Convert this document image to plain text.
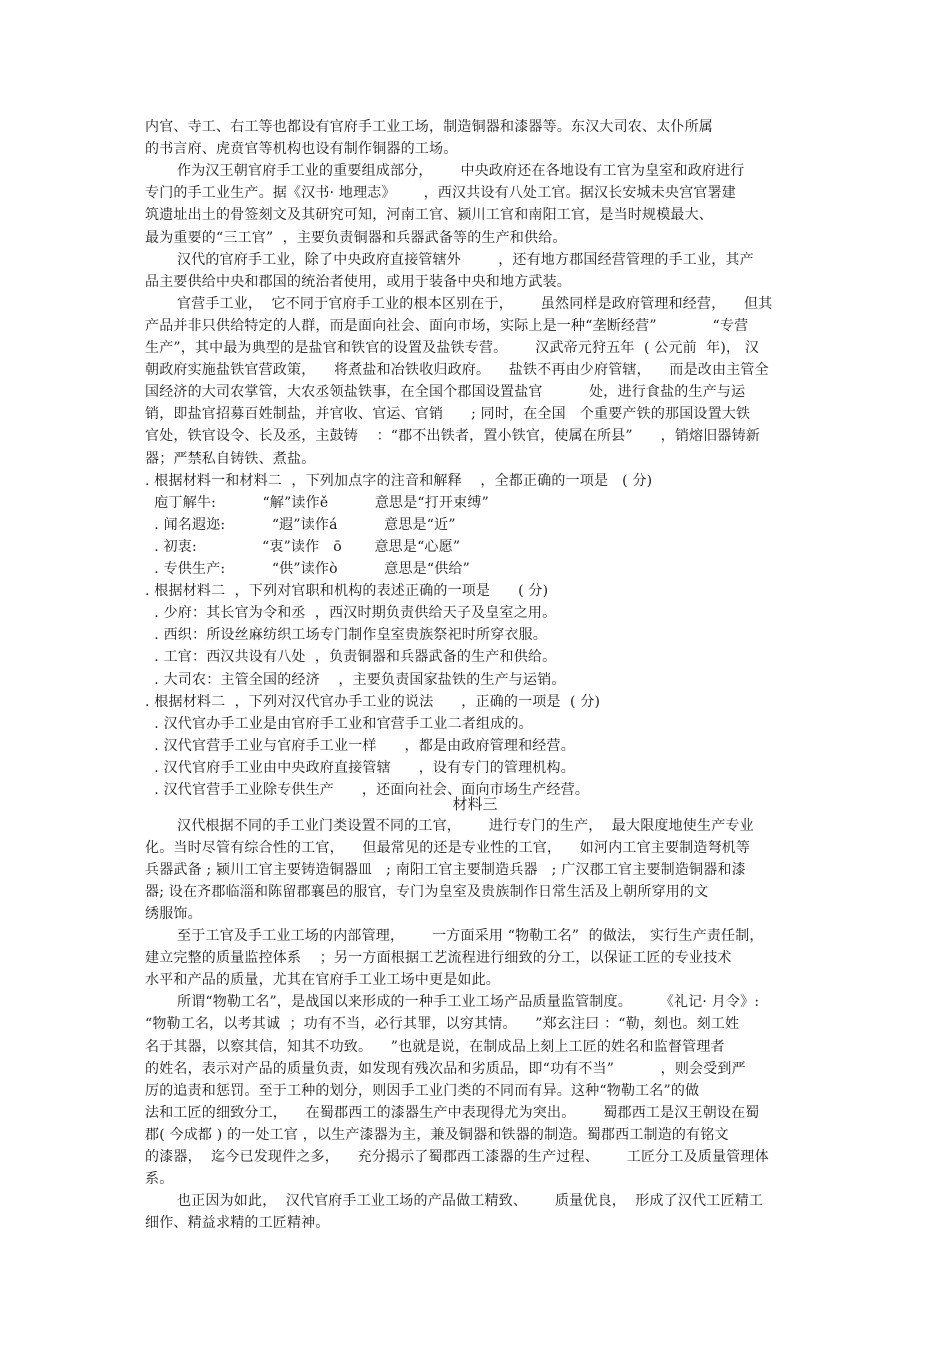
内官、寺工、右工等也都设有官府手工业工场，制造铜器和漆器等。东汉大司农、太仆所属
的书言府、虎贲官等机构也设有制作铜器的工场。
作为汉王朝官府手工业的重要组成部分，      中央政府还在各地设有工官为皇室和政府进行
专门的手工业生产。据《汉书· 地理志》      ，西汉共设有八处工官。据汉长安城未央宫官署建
筑遗址出土的骨签刻文及其研究可知，河南工官、颍川工官和南阳工官，是当时规模最大、
最为重要的“三工官”  ，主要负责铜器和兵器武备等的生产和供给。
汉代的官府手工业，除了中央政府直接管辖外        ，还有地方郡国经营管理的手工业，其产
品主要供给中央和郡国的统治者使用，或用于装备中央和地方武装。
官营手工业，  它不同于官府手工业的根本区别在于，      虽然同样是政府管理和经营，    但其
产品并非只供给特定的人群，而是面向社会、面向市场，实际上是一种“垄断经营”            “专营
生产”，其中最为典型的是盐官和铁官的设置及盐铁专营。      汉武帝元狩五年  ( 公元前  年)， 汉
朝政府实施盐铁官营政策，    将煮盐和冶铁收归政府。    盐铁不再由少府管辖，    而是改由主管全
国经济的大司农掌管，大农丞领盐铁事，在全国个郡国设置盐官          处，进行食盐的生产与运
销，即盐官招募百姓制盐，并官收、官运、官销      ; 同时，在全国   个重要产铁的那国设置大铁
官处，铁官设令、长及丞，主鼓铸    ：“郡不出铁者，置小铁官，使属在所县”      ，销熔旧器铸新
器；严禁私自铸铁、煮盐。
. 根据材料一和材料二  ，下列加点字的注音和解释    ，全都正确的一项是   ( 分)
庖丁解牛:          “解”读作ě          意思是“打开束缚”
. 闻名遐迩:          “遐”读作á          意思是“近”
. 初衷:              “衷”读作   ō       意思是“心愿”
. 专供生产:          “供”读作ò          意思是“供给”
. 根据材料二  ，下列对官职和机构的表述正确的一项是      ( 分)
. 少府：其长官为令和丞  ，西汉时期负责供给天子及皇室之用。
. 西织：所设丝麻纺织工场专门制作皇室贵族祭祀时所穿衣服。
. 工官：西汉共设有八处  ，负责铜器和兵器武备的生产和供给。
. 大司农：主管全国的经济    ，主要负责国家盐铁的生产与运销。
. 根据材料二  ，下列对汉代官办手工业的说法      ，正确的一项是  ( 分)
. 汉代官办手工业是由官府手工业和官营手工业二者组成的。
. 汉代官营手工业与官府手工业一样      ，都是由政府管理和经营。
. 汉代官府手工业由中央政府直接管辖      ，设有专门的管理机构。
. 汉代官营手工业除专供生产      ，还面向社会、面向市场生产经营。
材料三
汉代根据不同的手工业门类设置不同的工官，      进行专门的生产，  最大限度地使生产专业
化。当时尽管有综合性的工官，    但最常见的还是专业性的工官，    如河内工官主要制造弩机等
兵器武备 ; 颍川工官主要铸造铜器皿   ; 南阳工官主要制造兵器   ; 广汉郡工官主要制造铜器和漆
器; 设在齐郡临淄和陈留郡襄邑的服官，专门为皇室及贵族制作日常生活及上朝所穿用的文
绣服饰。
至于工官及手工业工场的内部管理，      一方面采用 “物勒工名”  的做法， 实行生产责任制，
建立完整的质量监控体系    ；另一方面根据工艺流程进行细致的分工，以保证工匠的专业技术
水平和产品的质量，尤其在官府手工业工场中更是如此。
所谓“物勒工名”，是战国以来形成的一种手工业工场产品质量监管制度。      《礼记· 月令》:
“物勒工名，以考其诚  ；功有不当，必行其罪，以穷其情。    ”郑玄注曰 ：“勒，刻也。刻工姓
名于其器，以察其信，知其不功致。    ”也就是说，在制成品上刻上工匠的姓名和监督管理者
的姓名，表示对产品的质量负责，如发现有残次品和劣质品，即“功有不当”          ，则会受到严
厉的追责和惩罚。至于工种的划分，则因手工业门类的不同而有异。这种“物勒工名”的做
法和工匠的细致分工，    在蜀郡西工的漆器生产中表现得尤为突出。      蜀郡西工是汉王朝设在蜀
郡( 今成都 ) 的一处工官 ，以生产漆器为主，兼及铜器和铁器的制造。蜀郡西工制造的有铭文
的漆器，  迄今已发现件之多，    充分揭示了蜀郡西工漆器的生产过程、      工匠分工及质量管理体
系。
也正因为如此，  汉代官府手工业工场的产品做工精致、      质量优良，  形成了汉代工匠精工
细作、精益求精的工匠精神。
